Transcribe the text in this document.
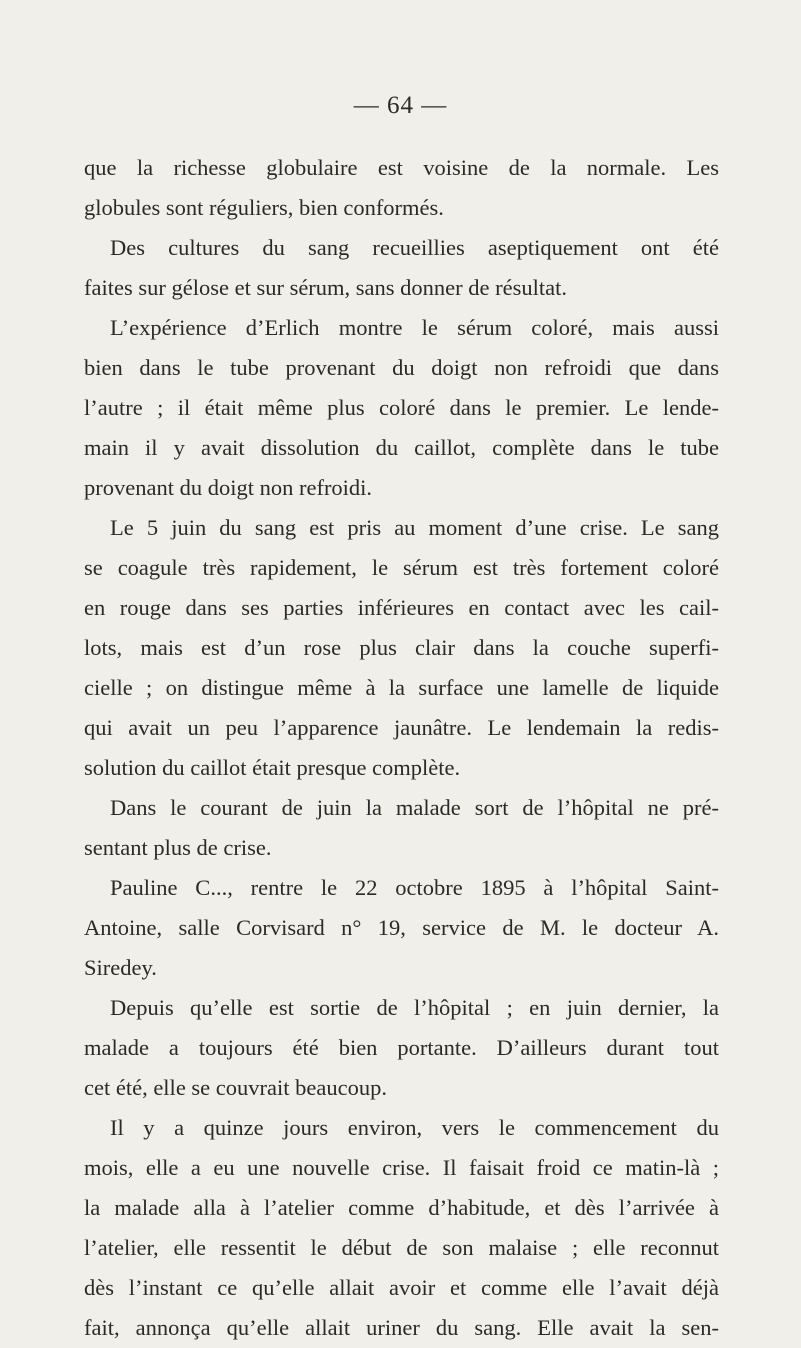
— 64 —
que la richesse globulaire est voisine de la normale. Les
globules sont réguliers, bien conformés.
Des cultures du sang recueillies aseptiquement ont été
faites sur gélose et sur sérum, sans donner de résultat.
L’expérience d’Erlich montre le sérum coloré, mais aussi
bien dans le tube provenant du doigt non refroidi que dans
l’autre ; il était même plus coloré dans le premier. Le lende-
main il y avait dissolution du caillot, complète dans le tube
provenant du doigt non refroidi.
Le 5 juin du sang est pris au moment d’une crise. Le sang
se coagule très rapidement, le sérum est très fortement coloré
en rouge dans ses parties inférieures en contact avec les cail-
lots, mais est d’un rose plus clair dans la couche superfi-
cielle ; on distingue même à la surface une lamelle de liquide
qui avait un peu l’apparence jaunâtre. Le lendemain la redis-
solution du caillot était presque complète.
Dans le courant de juin la malade sort de l’hôpital ne pré-
sentant plus de crise.
Pauline C..., rentre le 22 octobre 1895 à l’hôpital Saint-
Antoine, salle Corvisard n° 19, service de M. le docteur A.
Siredey.
Depuis qu’elle est sortie de l’hôpital ; en juin dernier, la
malade a toujours été bien portante. D’ailleurs durant tout
cet été, elle se couvrait beaucoup.
Il y a quinze jours environ, vers le commencement du
mois, elle a eu une nouvelle crise. Il faisait froid ce matin-là ;
la malade alla à l’atelier comme d’habitude, et dès l’arrivée à
l’atelier, elle ressentit le début de son malaise ; elle reconnut
dès l’instant ce qu’elle allait avoir et comme elle l’avait déjà
fait, annonça qu’elle allait uriner du sang. Elle avait la sen-
